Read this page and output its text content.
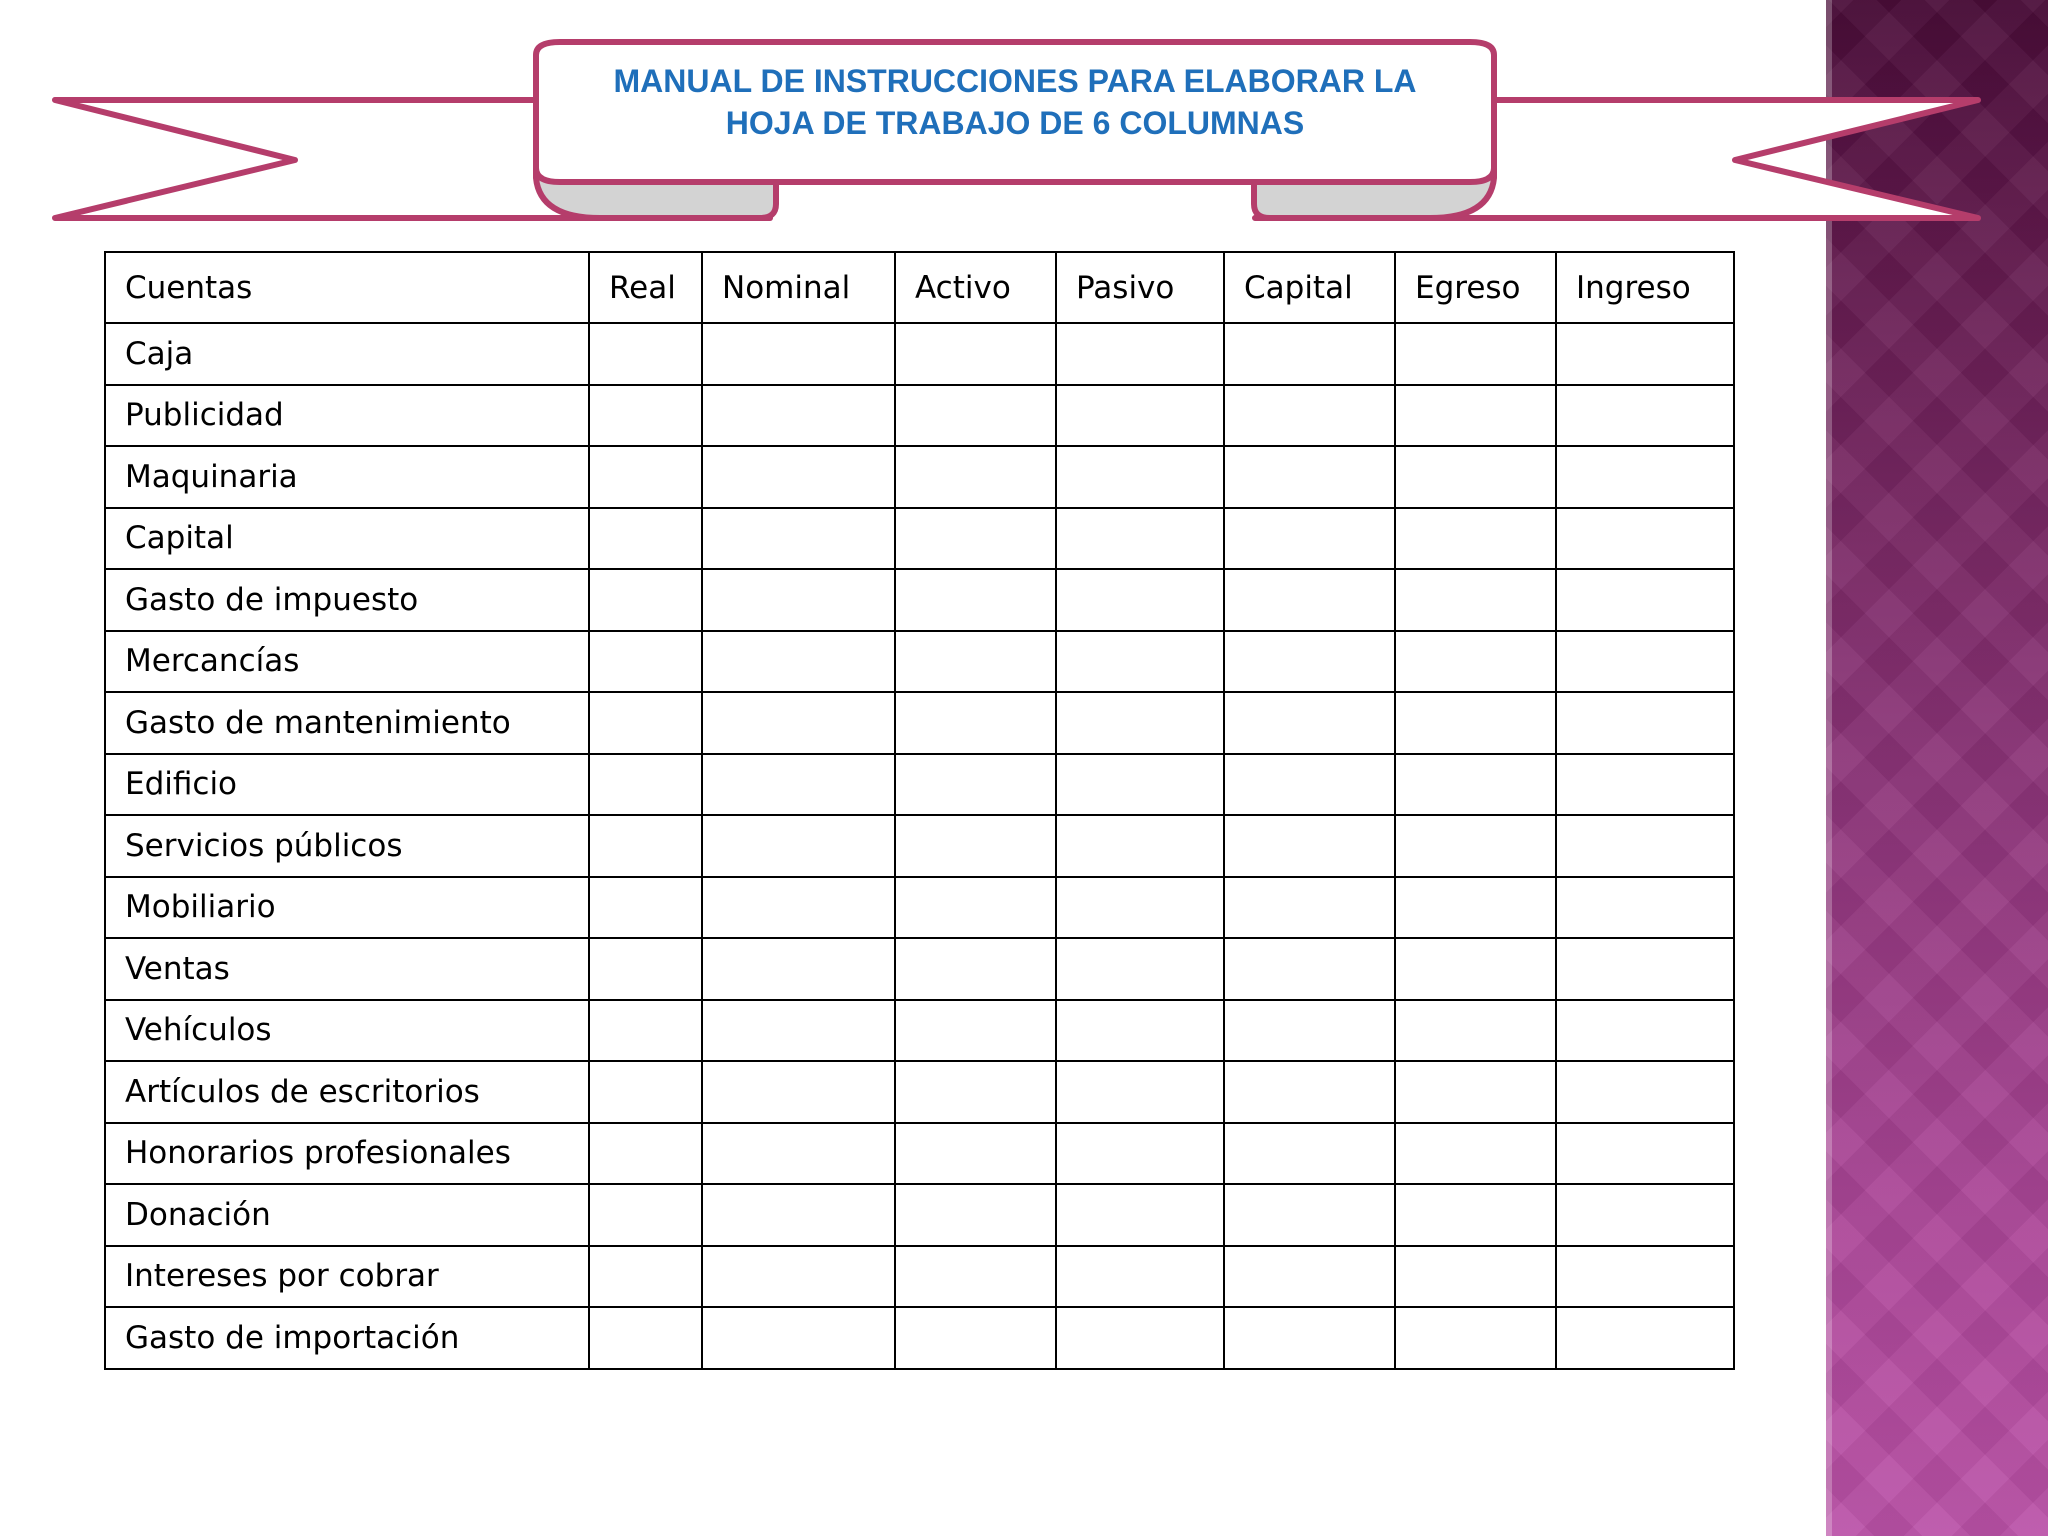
MANUAL DE INSTRUCCIONES PARA ELABORAR LA
HOJA DE TRABAJO DE 6 COLUMNAS
Cuentas	Real	Nominal	Activo	Pasivo	Capital	Egreso	Ingreso
Caja							
Publicidad							
Maquinaria							
Capital							
Gasto de impuesto							
Mercancías							
Gasto de mantenimiento							
Edificio							
Servicios públicos							
Mobiliario							
Ventas							
Vehículos							
Artículos de escritorios							
Honorarios profesionales							
Donación							
Intereses por cobrar							
Gasto de importación							
